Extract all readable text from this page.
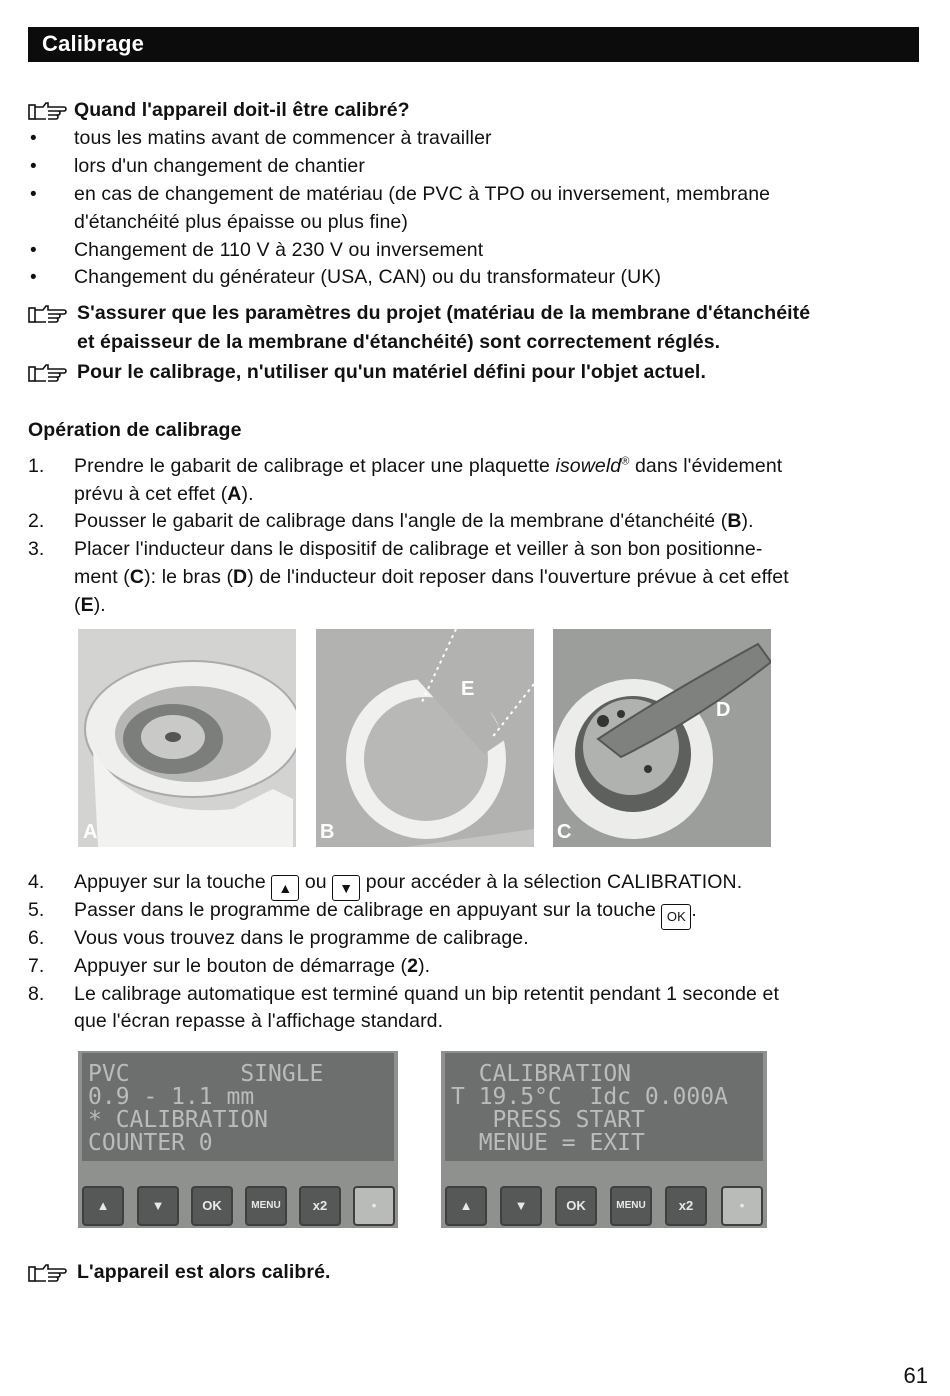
Calibrage
Quand l'appareil doit-il être calibré?
• tous les matins avant de commencer à travailler
• lors d'un changement de chantier
• en cas de changement de matériau (de PVC à TPO ou inversement, membrane
d'étanchéité plus épaisse ou plus fine)
• Changement de 110 V à 230 V ou inversement
• Changement du générateur (USA, CAN) ou du transformateur (UK)
S'assurer que les paramètres du projet (matériau de la membrane d'étanchéité
et épaisseur de la membrane d'étanchéité) sont correctement réglés.
Pour le calibrage, n'utiliser qu'un matériel défini pour l'objet actuel.
Opération de calibrage
1. Prendre le gabarit de calibrage et placer une plaquette isoweld® dans l'évidement
prévu à cet effet (A).
2. Pousser le gabarit de calibrage dans l'angle de la membrane d'étanchéité (B).
3. Placer l'inducteur dans le dispositif de calibrage et veiller à son bon positionne-
ment (C): le bras (D) de l'inducteur doit reposer dans l'ouverture prévue à cet effet
(E).
A
E
B
D
C
4. Appuyer sur la touche ▲ ou ▼ pour accéder à la sélection CALIBRATION.
5. Passer dans le programme de calibrage en appuyant sur la touche OK .
6. Vous vous trouvez dans le programme de calibrage.
7. Appuyer sur le bouton de démarrage (2).
8. Le calibrage automatique est terminé quand un bip retentit pendant 1 seconde et
que l'écran repasse à l'affichage standard.
PVC        SINGLE
0.9 - 1.1 mm
* CALIBRATION
COUNTER 0
▲	▼	OK	MENU	x2	•
CALIBRATION
T 19.5°C  Idc 0.000A
PRESS START
MENUE = EXIT
▲	▼	OK	MENU	x2	•
L'appareil est alors calibré.
61
